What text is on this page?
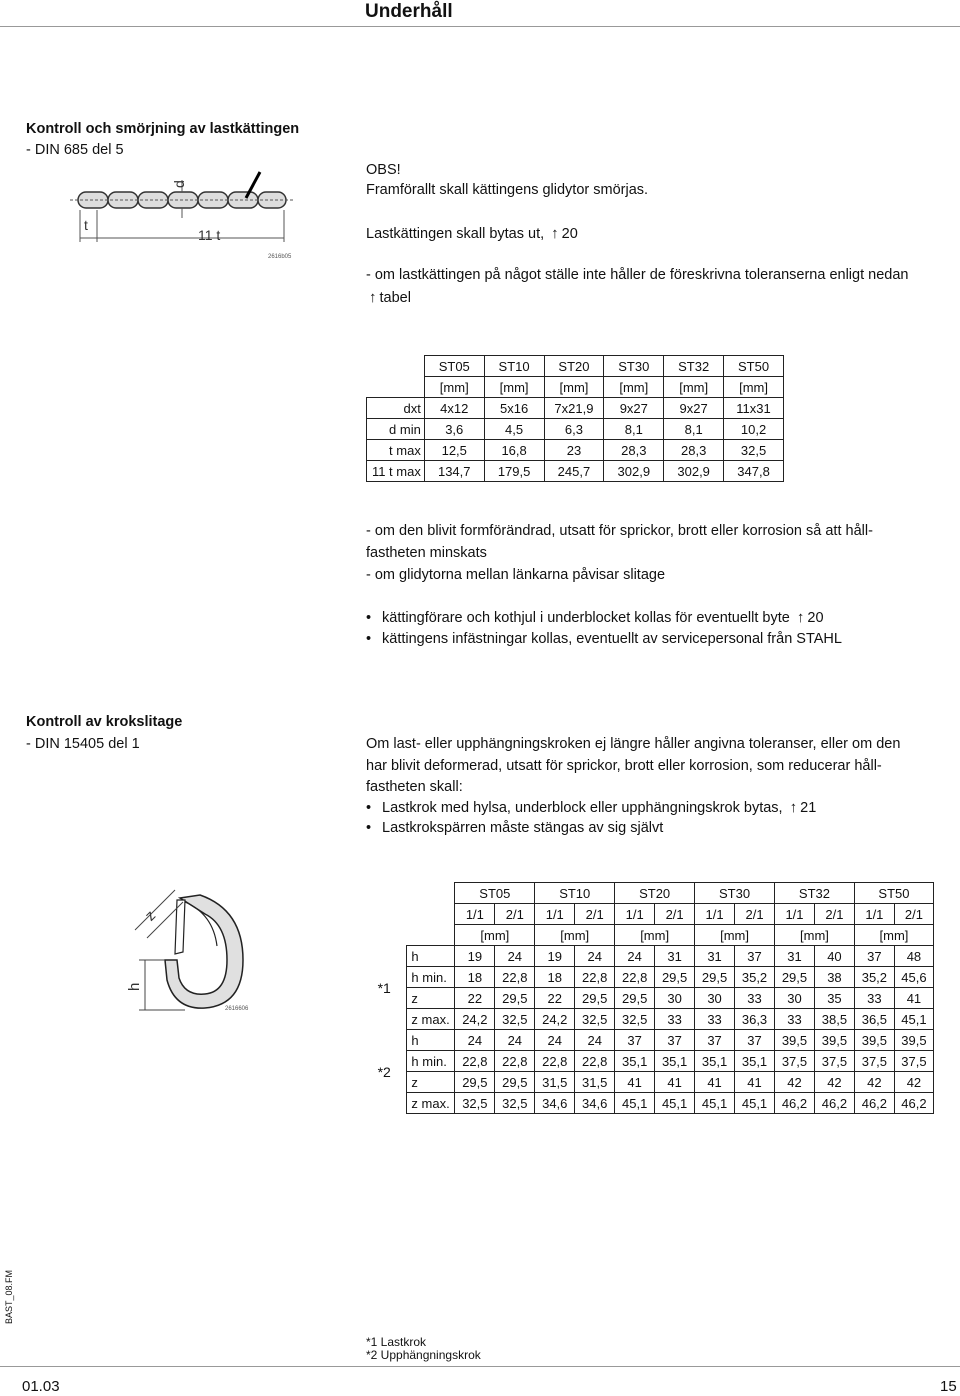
Underhåll
Kontroll och smörjning av lastkättingen
- DIN 685 del 5
t
d
11 t
2616b05
OBS!
Framförallt skall kättingens glidytor smörjas.
Lastkättingen skall bytas ut, ↑ 20
- om lastkättingen på något ställe inte håller de föreskrivna toleranserna enligt nedan
↑ tabel
	ST05	ST10	ST20	ST30	ST32	ST50
	[mm]	[mm]	[mm]	[mm]	[mm]	[mm]
dxt	4x12	5x16	7x21,9	9x27	9x27	11x31
d min	3,6	4,5	6,3	8,1	8,1	10,2
t max	12,5	16,8	23	28,3	28,3	32,5
11 t max	134,7	179,5	245,7	302,9	302,9	347,8
- om den blivit formförändrad, utsatt för sprickor, brott eller korrosion så att håll-
fastheten minskats
- om glidytorna mellan länkarna påvisar slitage
• kättingförare och kothjul i underblocket kollas för eventuellt byte ↑ 20
• kättingens infästningar kollas, eventuellt av servicepersonal från STAHL
Kontroll av krokslitage
- DIN 15405 del 1	Om last- eller upphängningskroken ej längre håller angivna toleranser, eller om den
har blivit deformerad, utsatt för sprickor, brott eller korrosion, som reducerar håll-
fastheten skall:
• Lastkrok med hylsa, underblock eller upphängningskrok bytas, ↑ 21
• Lastkrokspärren måste stängas av sig självt
z
h
2616606
		ST05		ST10		ST20		ST30		ST32		ST50	
		1/1	2/1	1/1	2/1	1/1	2/1	1/1	2/1	1/1	2/1	1/1	2/1
		[mm]		[mm]		[mm]		[mm]		[mm]		[mm]	
*1	h	19	24	19	24	24	31	31	37	31	40	37	48
	h min.	18	22,8	18	22,8	22,8	29,5	29,5	35,2	29,5	38	35,2	45,6
	z	22	29,5	22	29,5	29,5	30	30	33	30	35	33	41
	z max.	24,2	32,5	24,2	32,5	32,5	33	33	36,3	33	38,5	36,5	45,1
*2	h	24	24	24	24	37	37	37	37	39,5	39,5	39,5	39,5
	h min.	22,8	22,8	22,8	22,8	35,1	35,1	35,1	35,1	37,5	37,5	37,5	37,5
	z	29,5	29,5	31,5	31,5	41	41	41	41	42	42	42	42
	z max.	32,5	32,5	34,6	34,6	45,1	45,1	45,1	45,1	46,2	46,2	46,2	46,2
*1 Lastkrok
*2 Upphängningskrok
BAST_08.FM
01.03	15
